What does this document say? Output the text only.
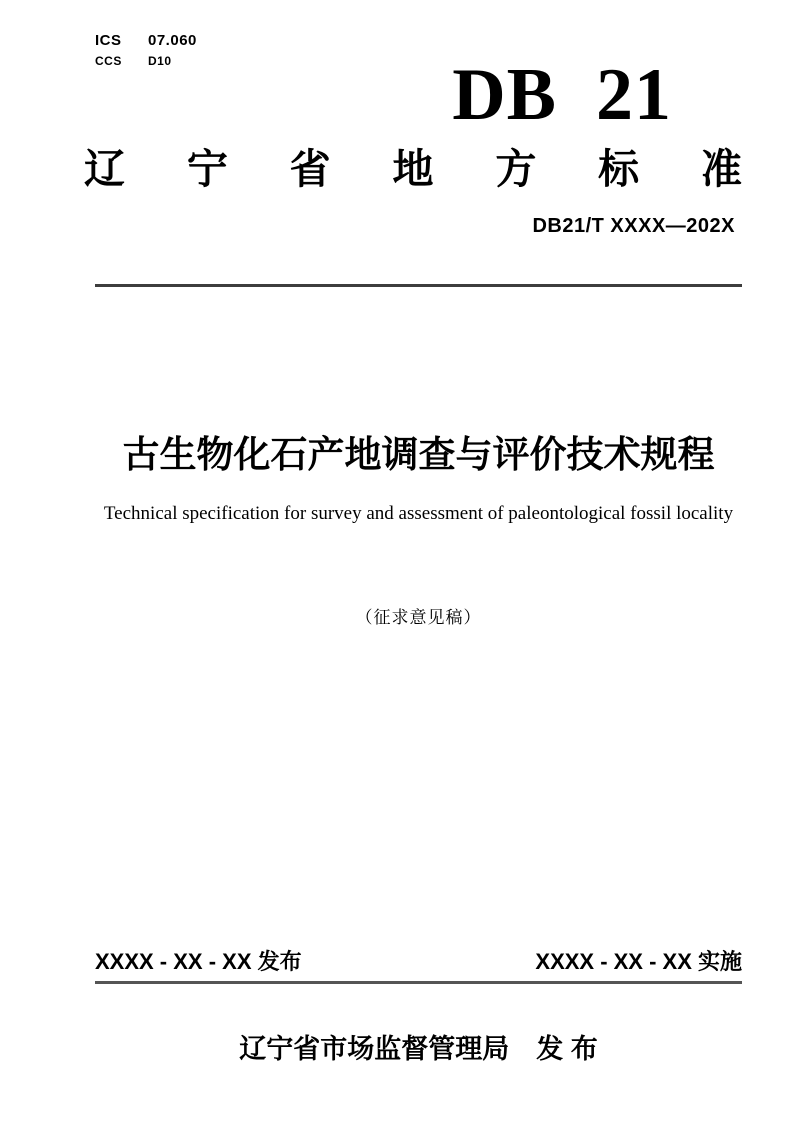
ICS	07.060
CCS	D10	DB  21
辽 宁 省 地 方 标 准
DB21/T XXXX—202X
古生物化石产地调查与评价技术规程
Technical specification for survey and assessment of paleontological fossil locality
（征求意见稿）
XXXX - XX - XX 发布	XXXX - XX - XX 实施
辽宁省市场监督管理局　发 布
